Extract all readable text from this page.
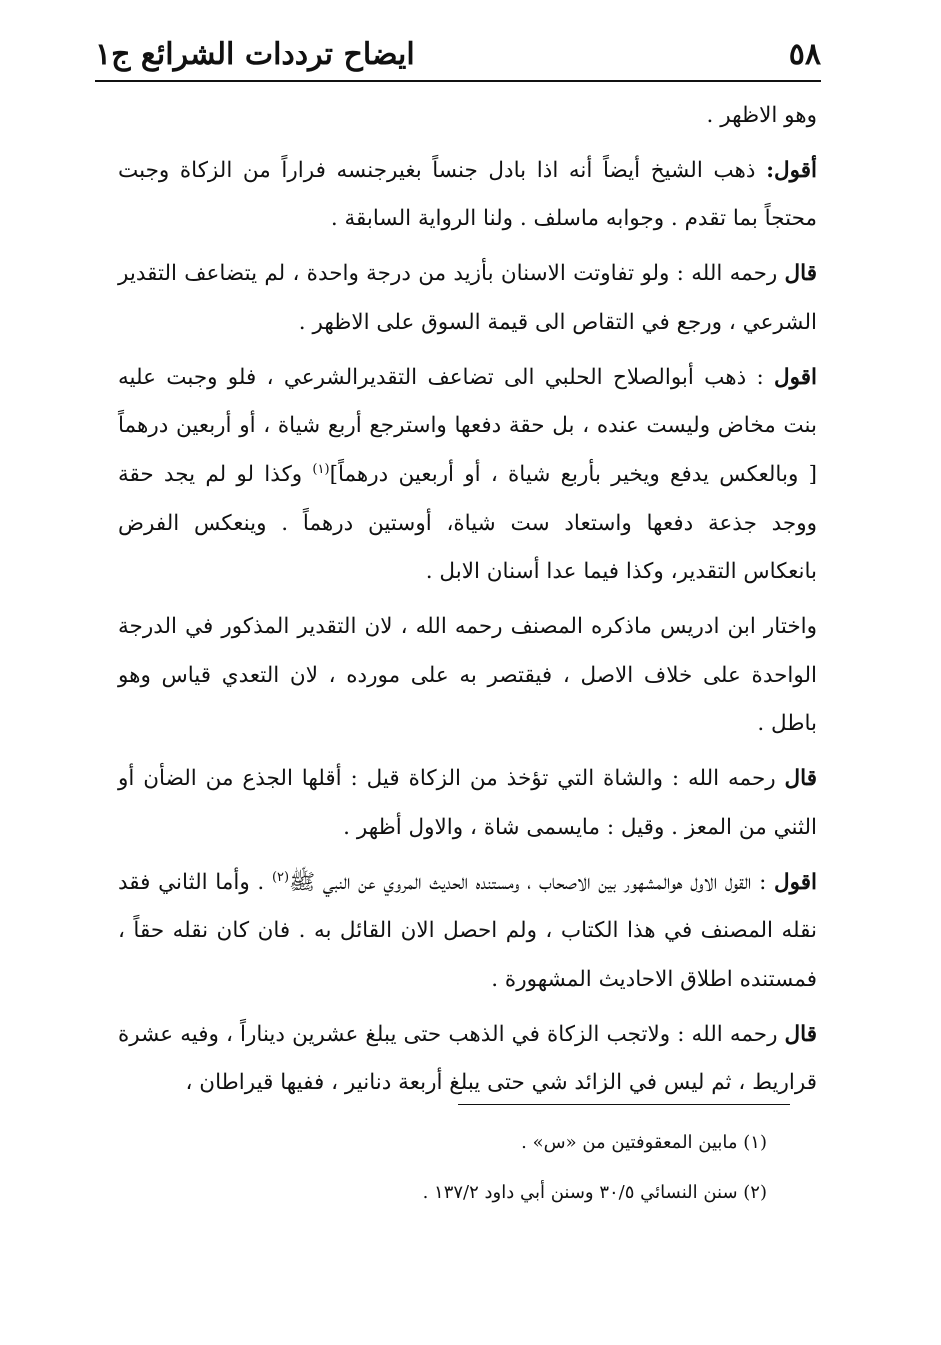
٥٨
ايضاح ترددات الشرائع ج١

وهو الاظهر .

أقول: ذهب الشيخ أيضاً أنه اذا بادل جنساً بغيرجنسه فراراً من الزكاة وجبت محتجاً بما تقدم . وجوابه ماسلف . ولنا الرواية السابقة .

قال رحمه الله : ولو تفاوتت الاسنان بأزيد من درجة واحدة ، لم يتضاعف التقدير الشرعي ، ورجع في التقاص الى قيمة السوق على الاظهر .

اقول : ذهب أبوالصلاح الحلبي الى تضاعف التقديرالشرعي ، فلو وجبت عليه بنت مخاض وليست عنده ، بل حقة دفعها واسترجع أربع شياة ، أو أربعين درهماً [ وبالعكس يدفع ويخير بأربع شياة ، أو أربعين درهماً]$^{(١)}$ وكذا لو لم يجد حقة ووجد جذعة دفعها واستعاد ست شياة، أوستين درهماً . وينعكس الفرض بانعكاس التقدير، وكذا فيما عدا أسنان الابل .

واختار ابن ادريس ماذكره المصنف رحمه الله ، لان التقدير المذكور في الدرجة الواحدة على خلاف الاصل ، فيقتصر به على مورده ، لان التعدي قياس وهو باطل .

قال رحمه الله : والشاة التي تؤخذ من الزكاة قيل : أقلها الجذع من الضأن أو الثني من المعز . وقيل : مايسمى شاة ، والاول أظهر .

اقول : القول الاول هوالمشهور بين الاصحاب ، ومستنده الحديث المروي عن النبي ﷺ$^{(٢)}$ . وأما الثاني فقد نقله المصنف في هذا الكتاب ، ولم احصل الان القائل به . فان كان نقله حقاً ، فمستنده اطلاق الاحاديث المشهورة .

قال رحمه الله : ولاتجب الزكاة في الذهب حتى يبلغ عشرين ديناراً ، وفيه عشرة قراريط ، ثم ليس في الزائد شي حتى يبلغ أربعة دنانير ، ففيها قيراطان ،

(١) مابين المعقوفتين من «س» .

(٢) سنن النسائي ٣٠/٥ وسنن أبي داود ١٣٧/٢ .
